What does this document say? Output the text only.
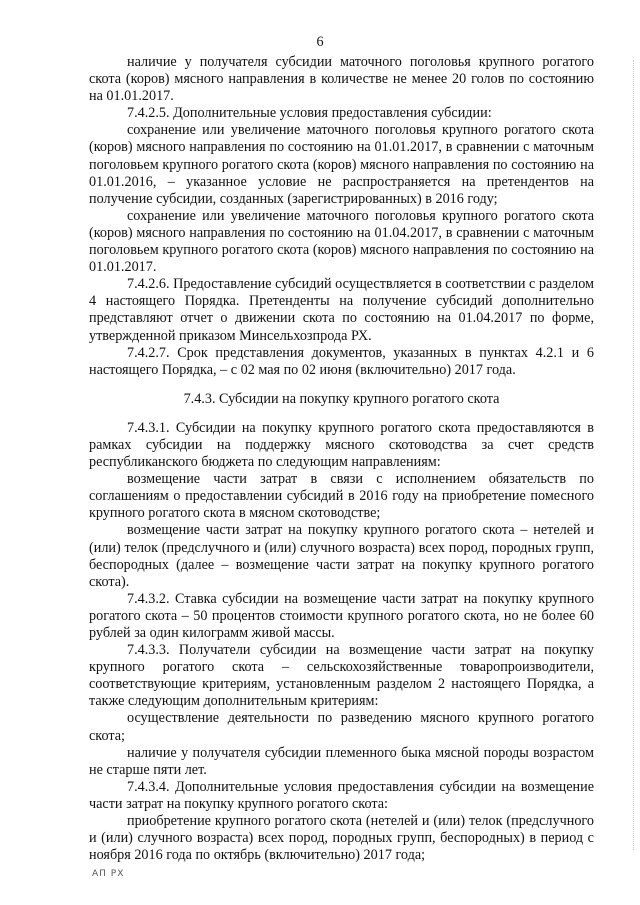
6

наличие у получателя субсидии маточного поголовья крупного рогатого скота (коров) мясного направления в количестве не менее 20 голов по состоянию на 01.01.2017.

7.4.2.5. Дополнительные условия предоставления субсидии:

сохранение или увеличение маточного поголовья крупного рогатого скота (коров) мясного направления по состоянию на 01.01.2017, в сравнении с маточным поголовьем крупного рогатого скота (коров) мясного направления по состоянию на 01.01.2016, – указанное условие не распространяется на претендентов на получение субсидии, созданных (зарегистрированных) в 2016 году;

сохранение или увеличение маточного поголовья крупного рогатого скота (коров) мясного направления по состоянию на 01.04.2017, в сравнении с маточным поголовьем крупного рогатого скота (коров) мясного направления по состоянию на 01.01.2017.

7.4.2.6. Предоставление субсидий осуществляется в соответствии с разделом 4 настоящего Порядка. Претенденты на получение субсидий дополнительно представляют отчет о движении скота по состоянию на 01.04.2017 по форме, утвержденной приказом Минсельхозпрода РХ.

7.4.2.7. Срок представления документов, указанных в пунктах 4.2.1 и 6 настоящего Порядка, – с 02 мая по 02 июня (включительно) 2017 года.

7.4.3. Субсидии на покупку крупного рогатого скота

7.4.3.1. Субсидии на покупку крупного рогатого скота предоставляются в рамках субсидии на поддержку мясного скотоводства за счет средств республиканского бюджета по следующим направлениям:

возмещение части затрат в связи с исполнением обязательств по соглашениям о предоставлении субсидий в 2016 году на приобретение помесного крупного рогатого скота в мясном скотоводстве;

возмещение части затрат на покупку крупного рогатого скота – нетелей и (или) телок (предслучного и (или) случного возраста) всех пород, породных групп, беспородных (далее – возмещение части затрат на покупку крупного рогатого скота).

7.4.3.2. Ставка субсидии на возмещение части затрат на покупку крупного рогатого скота – 50 процентов стоимости крупного рогатого скота, но не более 60 рублей за один килограмм живой массы.

7.4.3.3. Получатели субсидии на возмещение части затрат на покупку крупного рогатого скота – сельскохозяйственные товаропроизводители, соответствующие критериям, установленным разделом 2 настоящего Порядка, а также следующим дополнительным критериям:

осуществление деятельности по разведению мясного крупного рогатого скота;

наличие у получателя субсидии племенного быка мясной породы возрастом не старше пяти лет.

7.4.3.4. Дополнительные условия предоставления субсидии на возмещение части затрат на покупку крупного рогатого скота:

приобретение крупного рогатого скота (нетелей и (или) телок (предслучного и (или) случного возраста) всех пород, породных групп, беспородных) в период с ноября 2016 года по октябрь (включительно) 2017 года;

АП РХ
